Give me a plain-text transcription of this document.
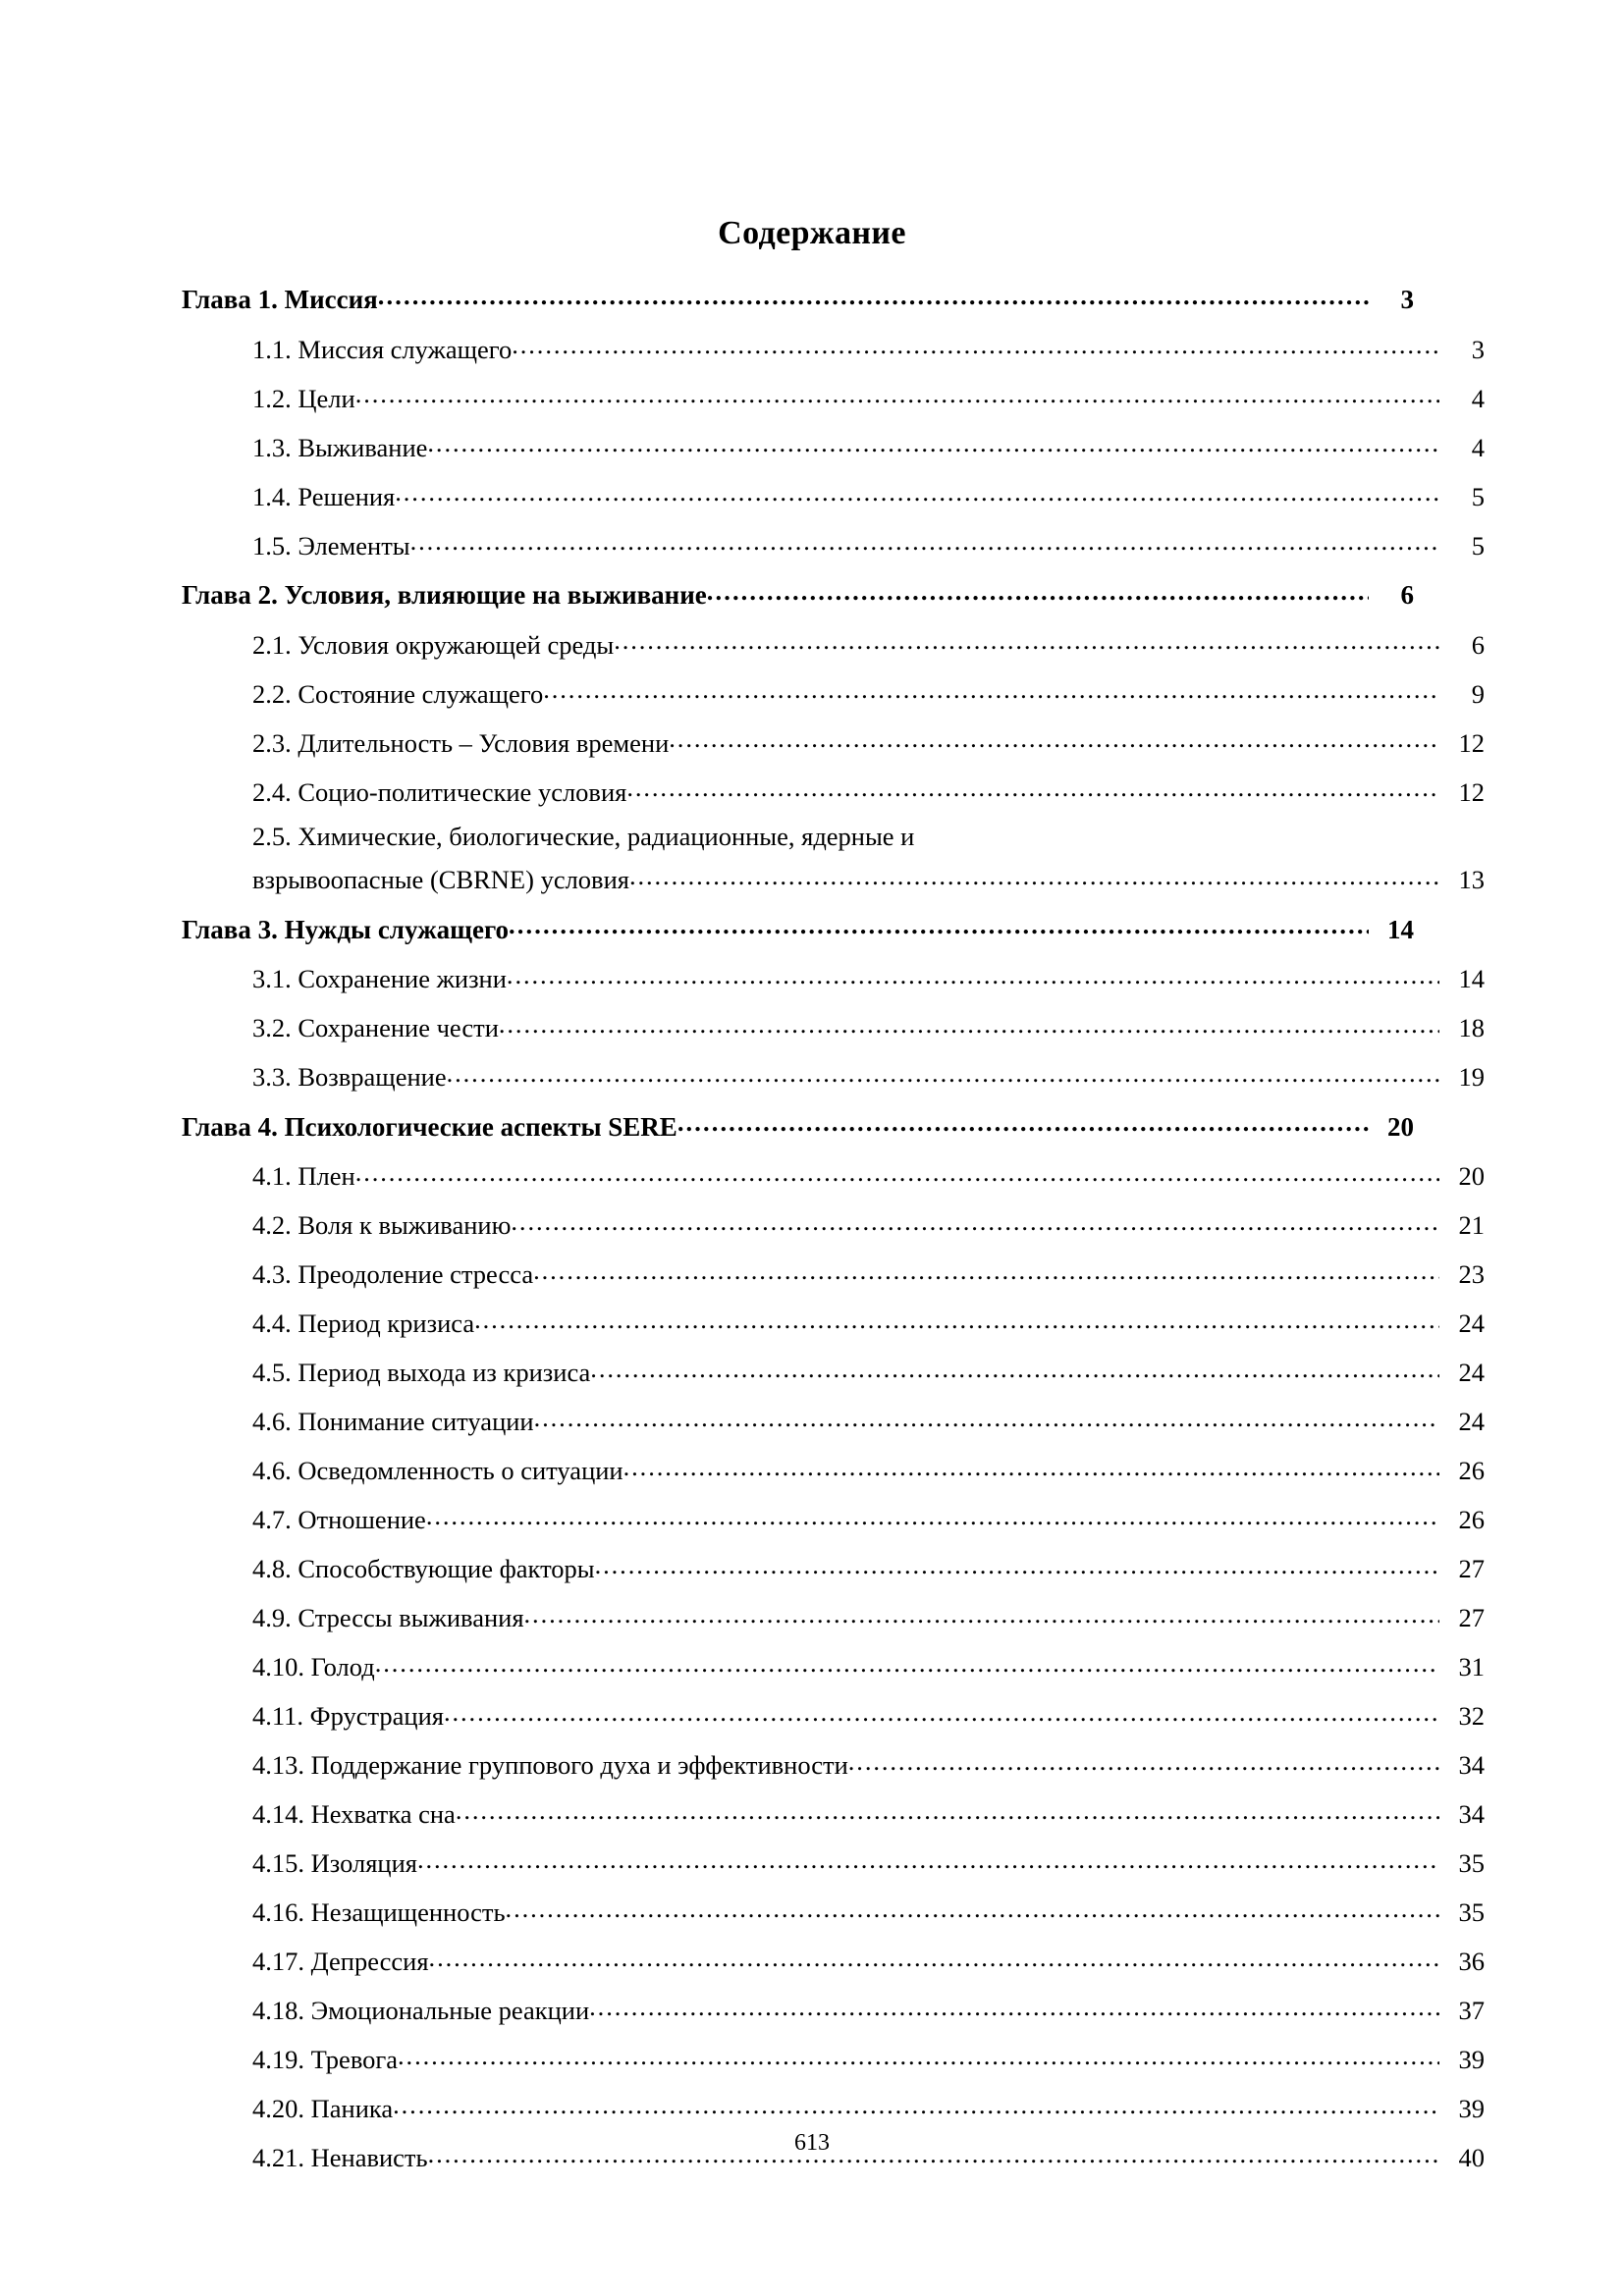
Содержание
Глава 1. Миссия .....	3
1.1. Миссия служащего .....	3
1.2. Цели .....	4
1.3. Выживание .....	4
1.4. Решения .....	5
1.5. Элементы .....	5
Глава 2. Условия, влияющие на выживание .....	6
2.1. Условия окружающей среды .....	6
2.2. Состояние служащего .....	9
2.3. Длительность – Условия времени .....	12
2.4. Социо-политические условия .....	12
2.5. Химические, биологические, радиационные, ядерные и
взрывоопасные (CBRNE) условия .....	13
Глава 3. Нужды служащего .....	14
3.1. Сохранение жизни .....	14
3.2. Сохранение чести .....	18
3.3. Возвращение .....	19
Глава 4. Психологические аспекты SERE .....	20
4.1. Плен .....	20
4.2. Воля к выживанию .....	21
4.3. Преодоление стресса .....	23
4.4. Период кризиса .....	24
4.5. Период выхода из кризиса .....	24
4.6. Понимание ситуации .....	24
4.6. Осведомленность о ситуации .....	26
4.7. Отношение .....	26
4.8. Способствующие факторы .....	27
4.9. Стрессы выживания .....	27
4.10. Голод .....	31
4.11. Фрустрация .....	32
4.13. Поддержание группового духа и эффективности .....	34
4.14. Нехватка сна .....	34
4.15. Изоляция .....	35
4.16. Незащищенность .....	35
4.17. Депрессия .....	36
4.18. Эмоциональные реакции .....	37
4.19. Тревога .....	39
4.20. Паника .....	39
4.21. Ненависть .....	40
613
